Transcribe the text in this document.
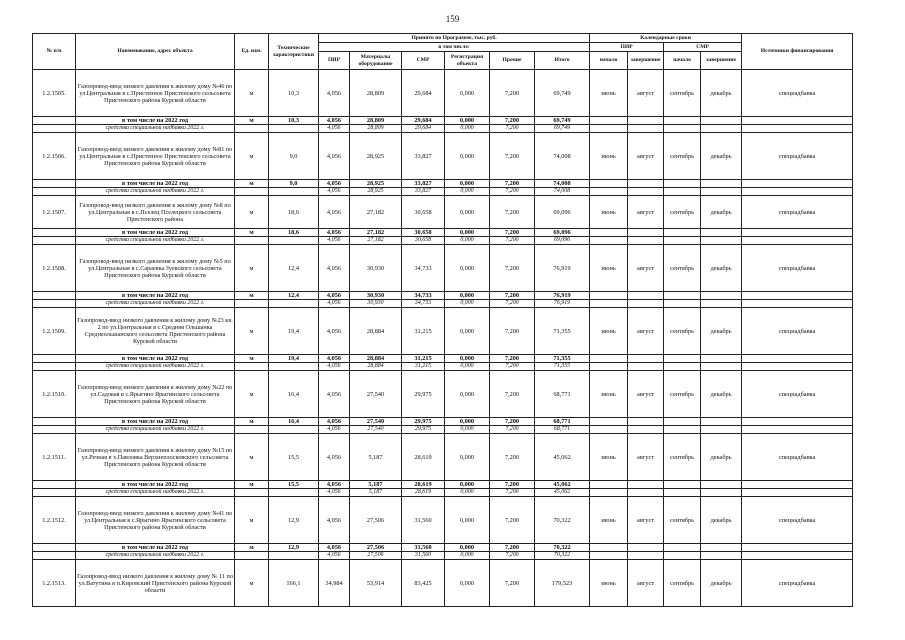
159
№ п/п	Наименование, адрес объекта	Ед. изм.	Технические характеристики	Принято по Программе, тыс. руб.						Календарные сроки				Источники финансирования
				в том числе:						ПИР		СМР		
				ПИР	Материалы оборудование	СМР	Регистрация объекта	Прочие	Итого	начало	завершение	начало	завершение	
1.2.1505.	Газопровод-ввод низкого давления к жилому дому №46 по ул.Центральная в с.Пристенное Пристенского сельсовета Пристенского района Курской области	м	10,3	4,056	28,809	29,684	0,000	7,200	69,749	июнь	август	сентябрь	декабрь	спецнадбавка
	в том числе на 2022 год	м	10,3	4,056	28,809	29,684	0,000	7,200	69,749					
	средства специальной надбавки 2022 г.			4,056	28,809	29,684	0,000	7,200	69,749					
1.2.1506.	Газопровод-ввод низкого давления к жилому дому №81 по ул.Центральная в с.Пристенное Пристенского сельсовета Пристенского района Курской области	м	9,0	4,056	28,925	33,827	0,000	7,200	74,008	июнь	август	сентябрь	декабрь	спецнадбавка
	в том числе на 2022 год	м	9,0	4,056	28,925	33,827	0,000	7,200	74,008					
	средства специальной надбавки 2022 г.			4,056	28,925	33,827	0,000	7,200	74,008					
1.2.1507.	Газопровод-ввод низкого давления к жилому дому №8 по ул.Центральная в с.Пселец Пселецкого сельсовета Пристенского района	м	18,6	4,056	27,182	30,658	0,000	7,200	69,096	июнь	август	сентябрь	декабрь	спецнадбавка
	в том числе на 2022 год	м	18,6	4,056	27,182	30,658	0,000	7,200	69,096					
	средства специальной надбавки 2022 г.			4,056	27,182	30,658	0,000	7,200	69,096					
1.2.1508.	Газопровод-ввод низкого давления к жилому дому №5 по ул.Центральная в с.Сараевка Зуевского сельсовета Пристенского района Курской области	м	12,4	4,056	30,930	34,733	0,000	7,200	76,919	июнь	август	сентябрь	декабрь	спецнадбавка
	в том числе на 2022 год	м	12,4	4,056	30,930	34,733	0,000	7,200	76,919					
	средства специальной надбавки 2022 г.			4,056	30,930	34,733	0,000	7,200	76,919					
1.2.1509.	Газопровод-ввод низкого давления к жилому дому №23 кв. 2 по ул.Центральная в с.Средняя Ольшанка Среднеольшанского сельсовета Пристенского района Курской области	м	19,4	4,056	28,884	31,215	0,000	7,200	71,355	июнь	август	сентябрь	декабрь	спецнадбавка
	в том числе на 2022 год	м	19,4	4,056	28,884	31,215	0,000	7,200	71,355					
	средства специальной надбавки 2022 г.			4,056	28,884	31,215	0,000	7,200	71,355					
1.2.1510.	Газопровод-ввод низкого давления к жилому дому №22 по ул.Садовая в с.Ярыгино Ярыгинского сельсовета Пристенского района Курской области	м	16,4	4,056	27,540	29,975	0,000	7,200	68,771	июнь	август	сентябрь	декабрь	спецнадбавка
	в том числе на 2022 год	м	16,4	4,056	27,540	29,975	0,000	7,200	68,771					
	средства специальной надбавки 2022 г.			4,056	27,540	29,975	0,000	7,200	68,771					
1.2.1511.	Газопровод-ввод низкого давления к жилому дому №15 по ул.Речная в х.Павловка Верхнеплосковского сельсовета Пристенского района Курской области	м	15,5	4,056	5,187	28,619	0,000	7,200	45,062	июнь	август	сентябрь	декабрь	спецнадбавка
	в том числе на 2022 год	м	15,5	4,056	5,187	28,619	0,000	7,200	45,062					
	средства специальной надбавки 2022 г.			4,056	5,187	28,619	0,000	7,200	45,062					
1.2.1512.	Газопровод-ввод низкого давления к жилому дому №41 по ул.Центральная в с.Ярыгино Ярыгинского сельсовета Пристенского района Курской области	м	12,9	4,056	27,506	31,560	0,000	7,200	70,322	июнь	август	сентябрь	декабрь	спецнадбавка
	в том числе на 2022 год	м	12,9	4,056	27,506	31,560	0,000	7,200	70,322					
	средства специальной надбавки 2022 г.			4,056	27,506	31,560	0,000	7,200	70,322					
1.2.1513.	Газопровод-ввод низкого давления к жилому дому № 11 по ул.Ватутина в п.Кировский Пристенского района Курской области	м	166,1	34,984	53,914	83,425	0,000	7,200	179,523	июнь	август	сентябрь	декабрь	спецнадбавка
